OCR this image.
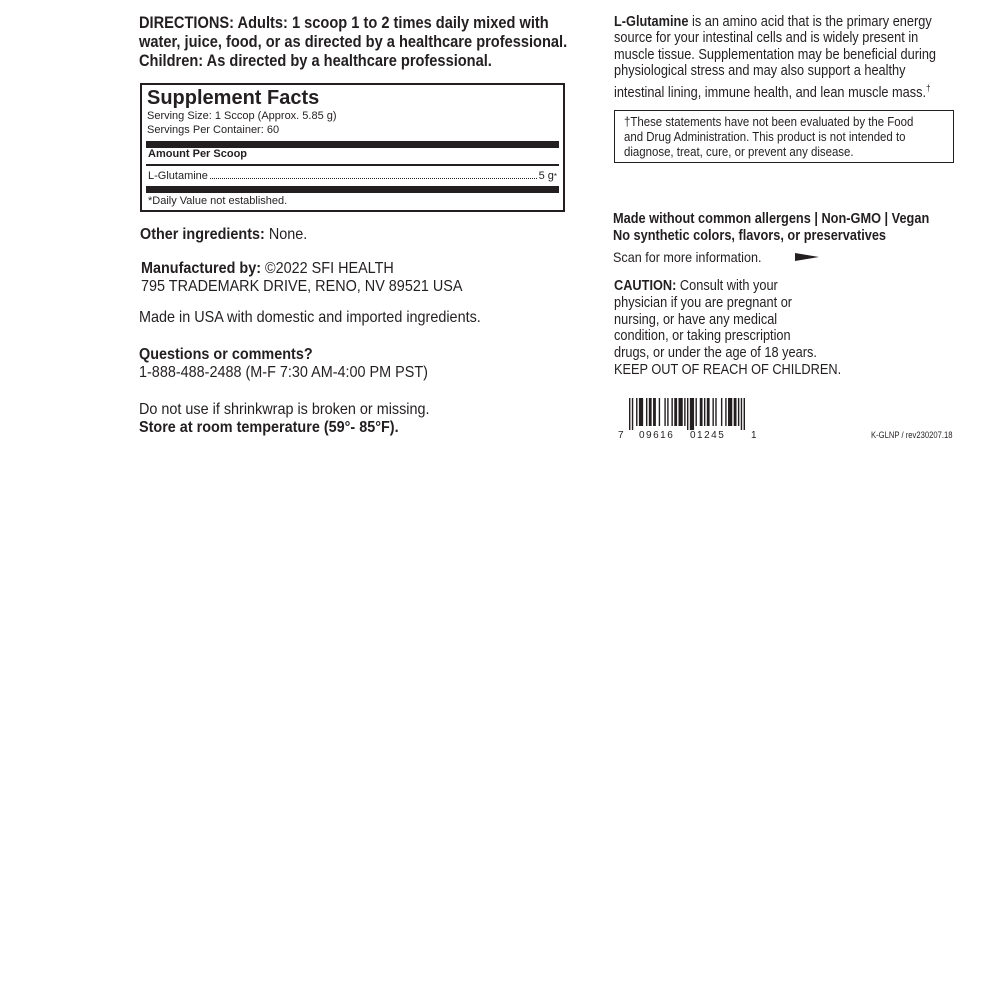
DIRECTIONS: Adults: 1 scoop 1 to 2 times daily mixed with
water, juice, food, or as directed by a healthcare professional.
Children: As directed by a healthcare professional.
Supplement Facts
Serving Size: 1 Sccop (Approx. 5.85 g)
Servings Per Container: 60
Amount Per Scoop
L-Glutamine	5 g *
*Daily Value not established.
Other ingredients: None.
Manufactured by: ©2022 SFI HEALTH
795 TRADEMARK DRIVE, RENO, NV 89521 USA
Made in USA with domestic and imported ingredients.
Questions or comments?
1-888-488-2488 (M-F 7:30 AM-4:00 PM PST)
Do not use if shrinkwrap is broken or missing.
Store at room temperature (59°- 85°F).
L-Glutamine is an amino acid that is the primary energy
source for your intestinal cells and is widely present in
muscle tissue. Supplementation may be beneficial during
physiological stress and may also support a healthy
intestinal lining, immune health, and lean muscle mass.†
†These statements have not been evaluated by the Food
and Drug Administration. This product is not intended to
diagnose, treat, cure, or prevent any disease.
Made without common allergens | Non-GMO | Vegan
No synthetic colors, flavors, or preservatives
Scan for more information.
CAUTION: Consult with your
physician if you are pregnant or
nursing, or have any medical
condition, or taking prescription
drugs, or under the age of 18 years.
KEEP OUT OF REACH OF CHILDREN.
7 09616 01245	1	K-GLNP / rev230207.18
